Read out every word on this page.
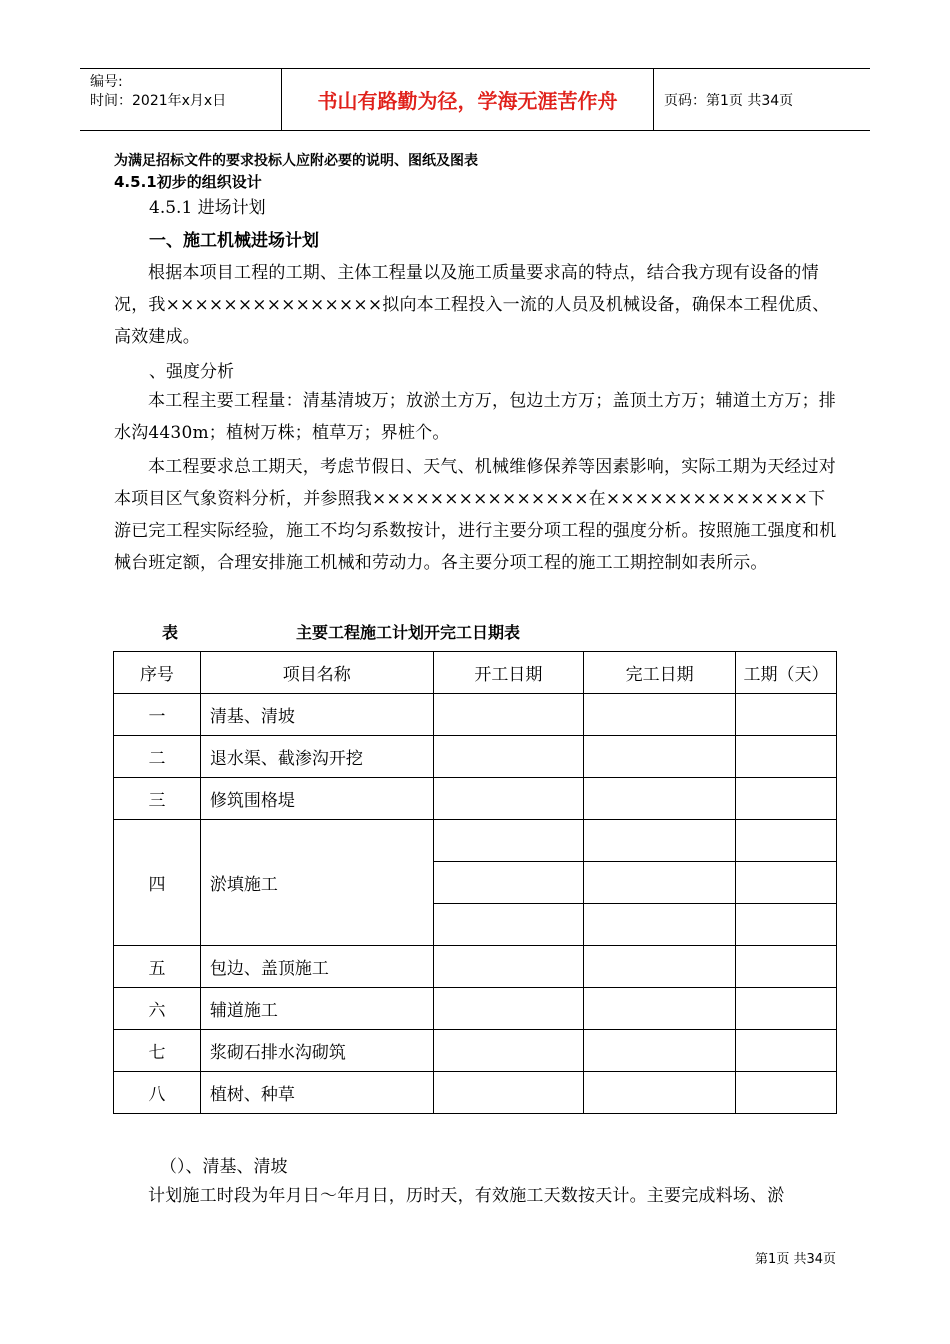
编号:
时间：2021年x月x日	书山有路勤为径，学海无涯苦作舟	页码：第1页 共34页
为满足招标文件的要求投标人应附必要的说明、图纸及图表
4.5.1初步的组织设计
4.5.1 进场计划
一、施工机械进场计划
根据本项目工程的工期、主体工程量以及施工质量要求高的特点，结合我方现有设备的情况，我×××××××××××××××拟向本工程投入一流的人员及机械设备，确保本工程优质、高效建成。
、强度分析
本工程主要工程量：清基清坡万；放淤土方万，包边土方万；盖顶土方万；辅道土方万；排水沟4430m；植树万株；植草万；界桩个。
本工程要求总工期天，考虑节假日、天气、机械维修保养等因素影响，实际工期为天经过对本项目区气象资料分析，并参照我×××××××××××××××在××××××××××××××下游已完工程实际经验，施工不均匀系数按计，进行主要分项工程的强度分析。按照施工强度和机械台班定额，合理安排施工机械和劳动力。各主要分项工程的施工工期控制如表所示。
表	主要工程施工计划开完工日期表
序号	项目名称	开工日期	完工日期	工期（天）
一	清基、清坡			
二	退水渠、截渗沟开挖			
三	修筑围格堤			
四	淤填施工			

五	包边、盖顶施工			
六	辅道施工			
七	浆砌石排水沟砌筑			
八	植树、种草			
（）、清基、清坡
计划施工时段为年月日～年月日，历时天，有效施工天数按天计。主要完成料场、淤
第1页 共34页
